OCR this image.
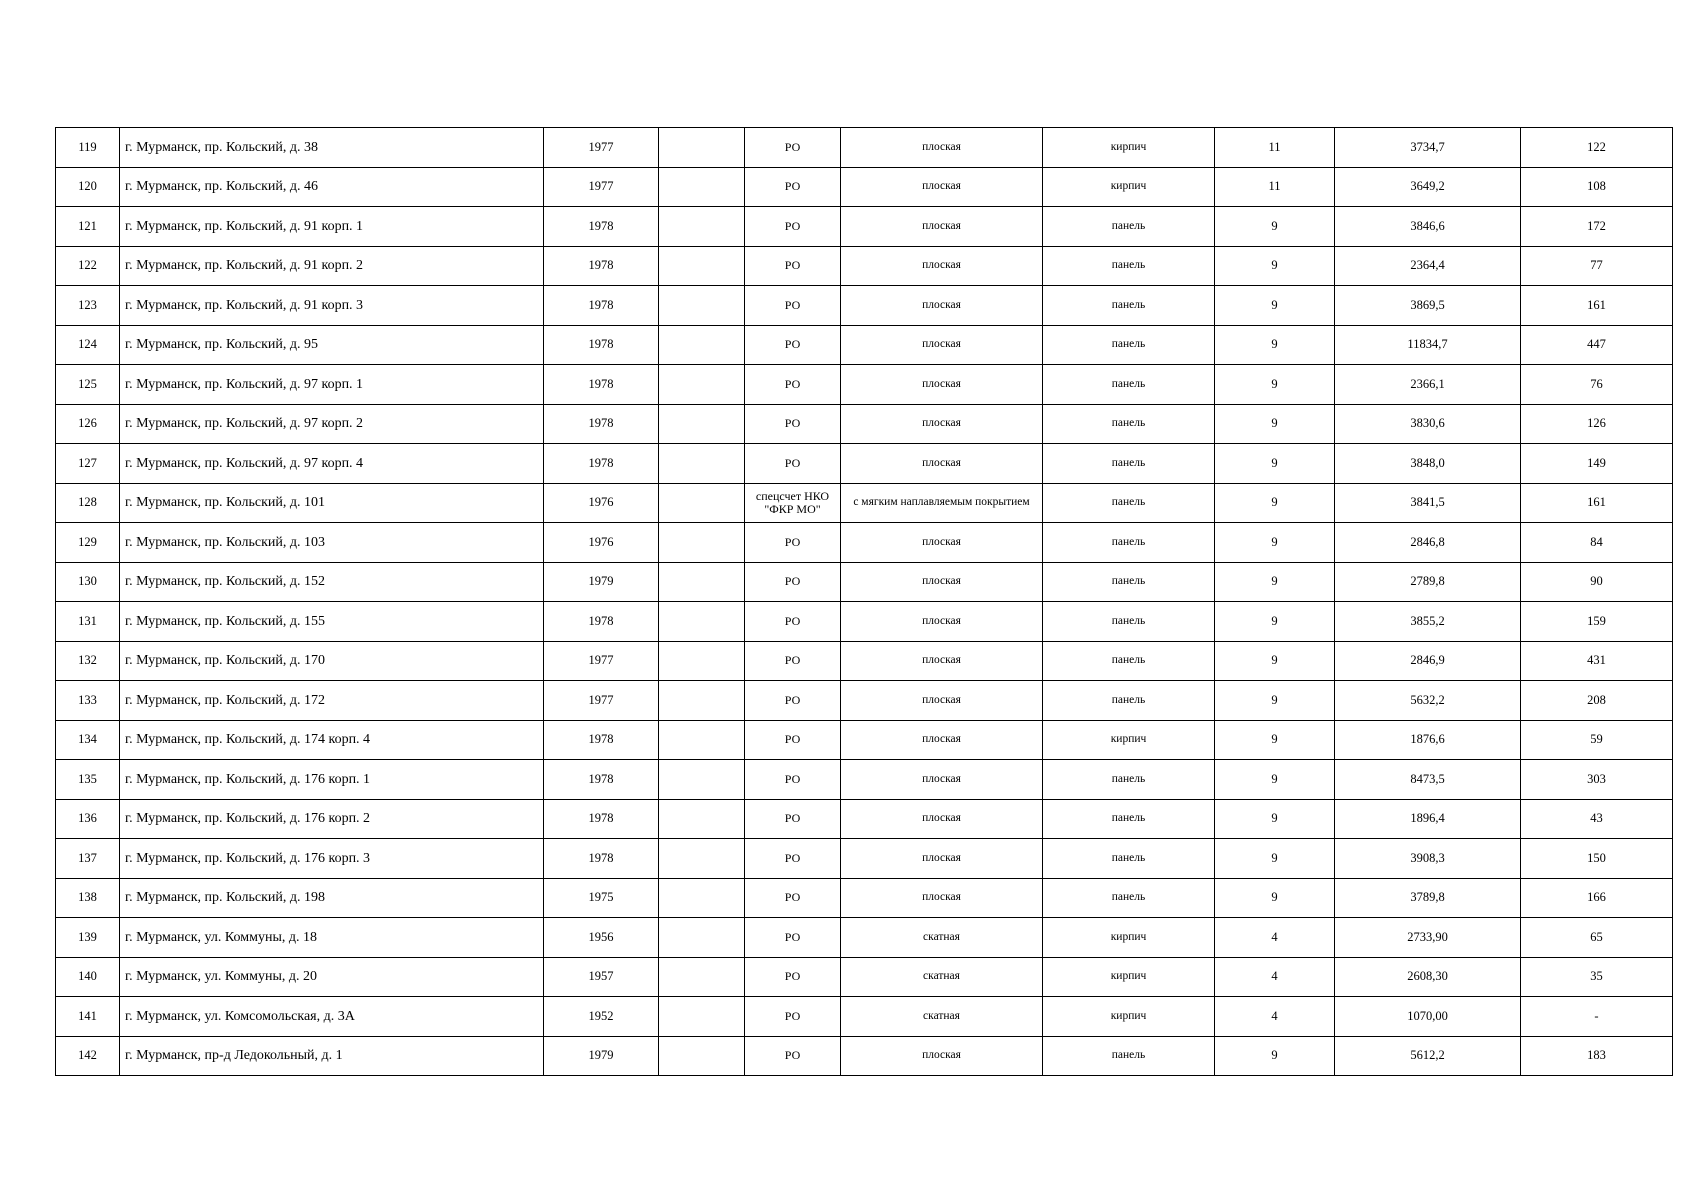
119	г. Мурманск, пр. Кольский, д. 38	1977		РО	плоская	кирпич	11	3734,7	122
120	г. Мурманск, пр. Кольский, д. 46	1977		РО	плоская	кирпич	11	3649,2	108
121	г. Мурманск, пр. Кольский, д. 91 корп. 1	1978		РО	плоская	панель	9	3846,6	172
122	г. Мурманск, пр. Кольский, д. 91 корп. 2	1978		РО	плоская	панель	9	2364,4	77
123	г. Мурманск, пр. Кольский, д. 91 корп. 3	1978		РО	плоская	панель	9	3869,5	161
124	г. Мурманск, пр. Кольский, д. 95	1978		РО	плоская	панель	9	11834,7	447
125	г. Мурманск, пр. Кольский, д. 97 корп. 1	1978		РО	плоская	панель	9	2366,1	76
126	г. Мурманск, пр. Кольский, д. 97 корп. 2	1978		РО	плоская	панель	9	3830,6	126
127	г. Мурманск, пр. Кольский, д. 97 корп. 4	1978		РО	плоская	панель	9	3848,0	149
128	г. Мурманск, пр. Кольский, д. 101	1976		спецсчет НКО "ФКР МО"	с мягким наплавляемым покрытием	панель	9	3841,5	161
129	г. Мурманск, пр. Кольский, д. 103	1976		РО	плоская	панель	9	2846,8	84
130	г. Мурманск, пр. Кольский, д. 152	1979		РО	плоская	панель	9	2789,8	90
131	г. Мурманск, пр. Кольский, д. 155	1978		РО	плоская	панель	9	3855,2	159
132	г. Мурманск, пр. Кольский, д. 170	1977		РО	плоская	панель	9	2846,9	431
133	г. Мурманск, пр. Кольский, д. 172	1977		РО	плоская	панель	9	5632,2	208
134	г. Мурманск, пр. Кольский, д. 174 корп. 4	1978		РО	плоская	кирпич	9	1876,6	59
135	г. Мурманск, пр. Кольский, д. 176 корп. 1	1978		РО	плоская	панель	9	8473,5	303
136	г. Мурманск, пр. Кольский, д. 176 корп. 2	1978		РО	плоская	панель	9	1896,4	43
137	г. Мурманск, пр. Кольский, д. 176 корп. 3	1978		РО	плоская	панель	9	3908,3	150
138	г. Мурманск, пр. Кольский, д. 198	1975		РО	плоская	панель	9	3789,8	166
139	г. Мурманск, ул. Коммуны, д. 18	1956		РО	скатная	кирпич	4	2733,90	65
140	г. Мурманск, ул. Коммуны, д. 20	1957		РО	скатная	кирпич	4	2608,30	35
141	г. Мурманск, ул. Комсомольская, д. 3А	1952		РО	скатная	кирпич	4	1070,00	-
142	г. Мурманск, пр-д Ледокольный, д. 1	1979		РО	плоская	панель	9	5612,2	183
